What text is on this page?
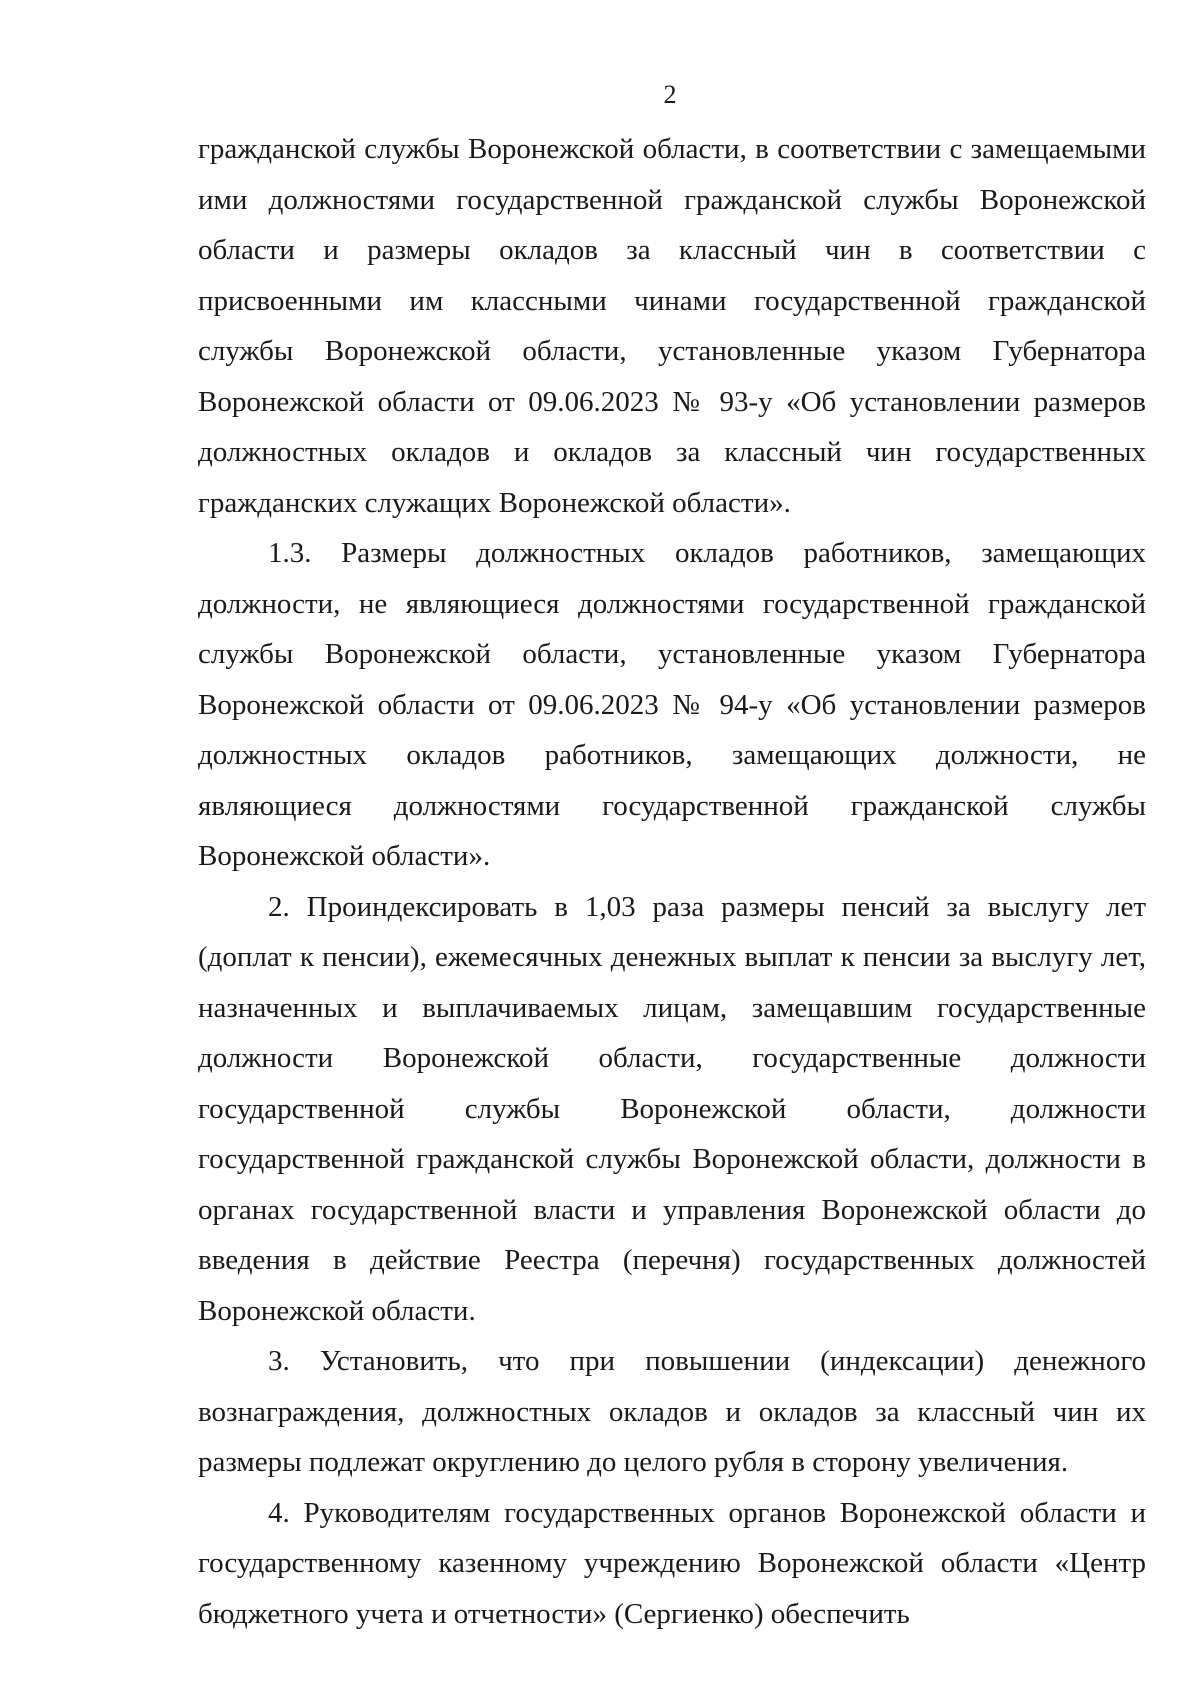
2

гражданской службы Воронежской области, в соответствии с замещаемыми ими должностями государственной гражданской службы Воронежской области и размеры окладов за классный чин в соответствии с присвоенными им классными чинами государственной гражданской службы Воронежской области, установленные указом Губернатора Воронежской области от 09.06.2023 № 93-у «Об установлении размеров должностных окладов и окладов за классный чин государственных гражданских служащих Воронежской области».

1.3. Размеры должностных окладов работников, замещающих должности, не являющиеся должностями государственной гражданской службы Воронежской области, установленные указом Губернатора Воронежской области от 09.06.2023 № 94-у «Об установлении размеров должностных окладов работников, замещающих должности, не являющиеся должностями государственной гражданской службы Воронежской области».

2. Проиндексировать в 1,03 раза размеры пенсий за выслугу лет (доплат к пенсии), ежемесячных денежных выплат к пенсии за выслугу лет, назначенных и выплачиваемых лицам, замещавшим государственные должности Воронежской области, государственные должности государственной службы Воронежской области, должности государственной гражданской службы Воронежской области, должности в органах государственной власти и управления Воронежской области до введения в действие Реестра (перечня) государственных должностей Воронежской области.

3. Установить, что при повышении (индексации) денежного вознаграждения, должностных окладов и окладов за классный чин их размеры подлежат округлению до целого рубля в сторону увеличения.

4. Руководителям государственных органов Воронежской области и государственному казенному учреждению Воронежской области «Центр бюджетного учета и отчетности» (Сергиенко) обеспечить
